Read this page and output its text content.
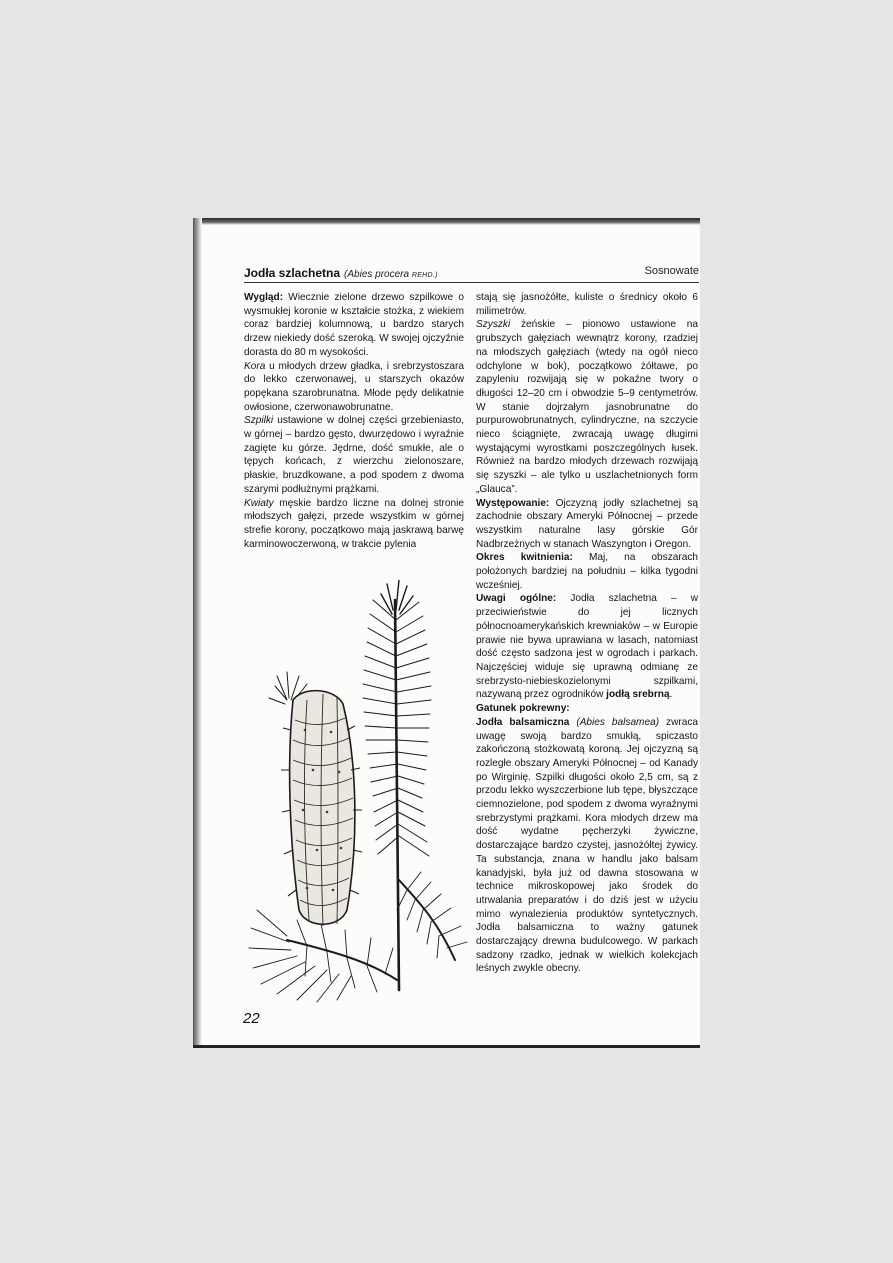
Jodła szlachetna (Abies procera REHD.)	Sosnowate

Wygląd: Wiecznie zielone drzewo szpilkowe o wysmukłej koronie w kształcie stożka, z wiekiem coraz bardziej kolumnową, u bardzo starych drzew niekiedy dość szeroką. W swojej ojczyźnie dorasta do 80 m wysokości.

Kora u młodych drzew gładka, i srebrzystoszara do lekko czerwonawej, u starszych okazów popękana szarobrunatna. Młode pędy delikatnie owłosione, czerwonawobrunatne.

Szpilki ustawione w dolnej części grzebieniasto, w górnej – bardzo gęsto, dwurzędowo i wyraźnie zagięte ku górze. Jędrne, dość smukłe, ale o tępych końcach, z wierzchu zielonoszare, płaskie, bruzdkowane, a pod spodem z dwoma szarymi podłużnymi prążkami.

Kwiaty męskie bardzo liczne na dolnej stronie młodszych gałęzi, przede wszystkim w górnej strefie korony, początkowo mają jaskrawą barwę karminowoczerwoną, w trakcie pylenia

stają się jasnożółte, kuliste o średnicy około 6 milimetrów.

Szyszki żeńskie – pionowo ustawione na grubszych gałęziach wewnątrz korony, rzadziej na młodszych gałęziach (wtedy na ogół nieco odchylone w bok), początkowo żółtawe, po zapyleniu rozwijają się w pokaźne twory o długości 12–20 cm i obwodzie 5–9 centymetrów. W stanie dojrzałym jasnobrunatne do purpurowobrunatnych, cylindryczne, na szczycie nieco ściągnięte, zwracają uwagę długimi wystającymi wyrostkami poszczególnych łusek. Również na bardzo młodych drzewach rozwijają się szyszki – ale tylko u uszlachetnionych form „Glauca”.

Występowanie: Ojczyzną jodły szlachetnej są zachodnie obszary Ameryki Północnej – przede wszystkim naturalne lasy górskie Gór Nadbrzeżnych w stanach Waszyngton i Oregon.

Okres kwitnienia: Maj, na obszarach położonych bardziej na południu – kilka tygodni wcześniej.

Uwagi ogólne: Jodła szlachetna – w przeciwieństwie do jej licznych północnoamerykańskich krewniaków – w Europie prawie nie bywa uprawiana w lasach, natomiast dość często sadzona jest w ogrodach i parkach. Najczęściej widuje się uprawną odmianę ze srebrzysto-niebieskozielonymi szpilkami, nazywaną przez ogrodników jodłą srebrną.

Gatunek pokrewny:

Jodła balsamiczna (Abies balsamea) zwraca uwagę swoją bardzo smukłą, spiczasto zakończoną stożkowatą koroną. Jej ojczyzną są rozległe obszary Ameryki Północnej – od Kanady po Wirginię. Szpilki długości około 2,5 cm, są z przodu lekko wyszczerbione lub tępe, błyszczące ciemnozielone, pod spodem z dwoma wyraźnymi srebrzystymi prążkami. Kora młodych drzew ma dość wydatne pęcherzyki żywiczne, dostarczające bardzo czystej, jasnożółtej żywicy. Ta substancja, znana w handlu jako balsam kanadyjski, była już od dawna stosowana w technice mikroskopowej jako środek do utrwalania preparatów i do dziś jest w użyciu mimo wynalezienia produktów syntetycznych. Jodła balsamiczna to ważny gatunek dostarczający drewna budulcowego. W parkach sadzony rzadko, jednak w wielkich kolekcjach leśnych zwykle obecny.

22
